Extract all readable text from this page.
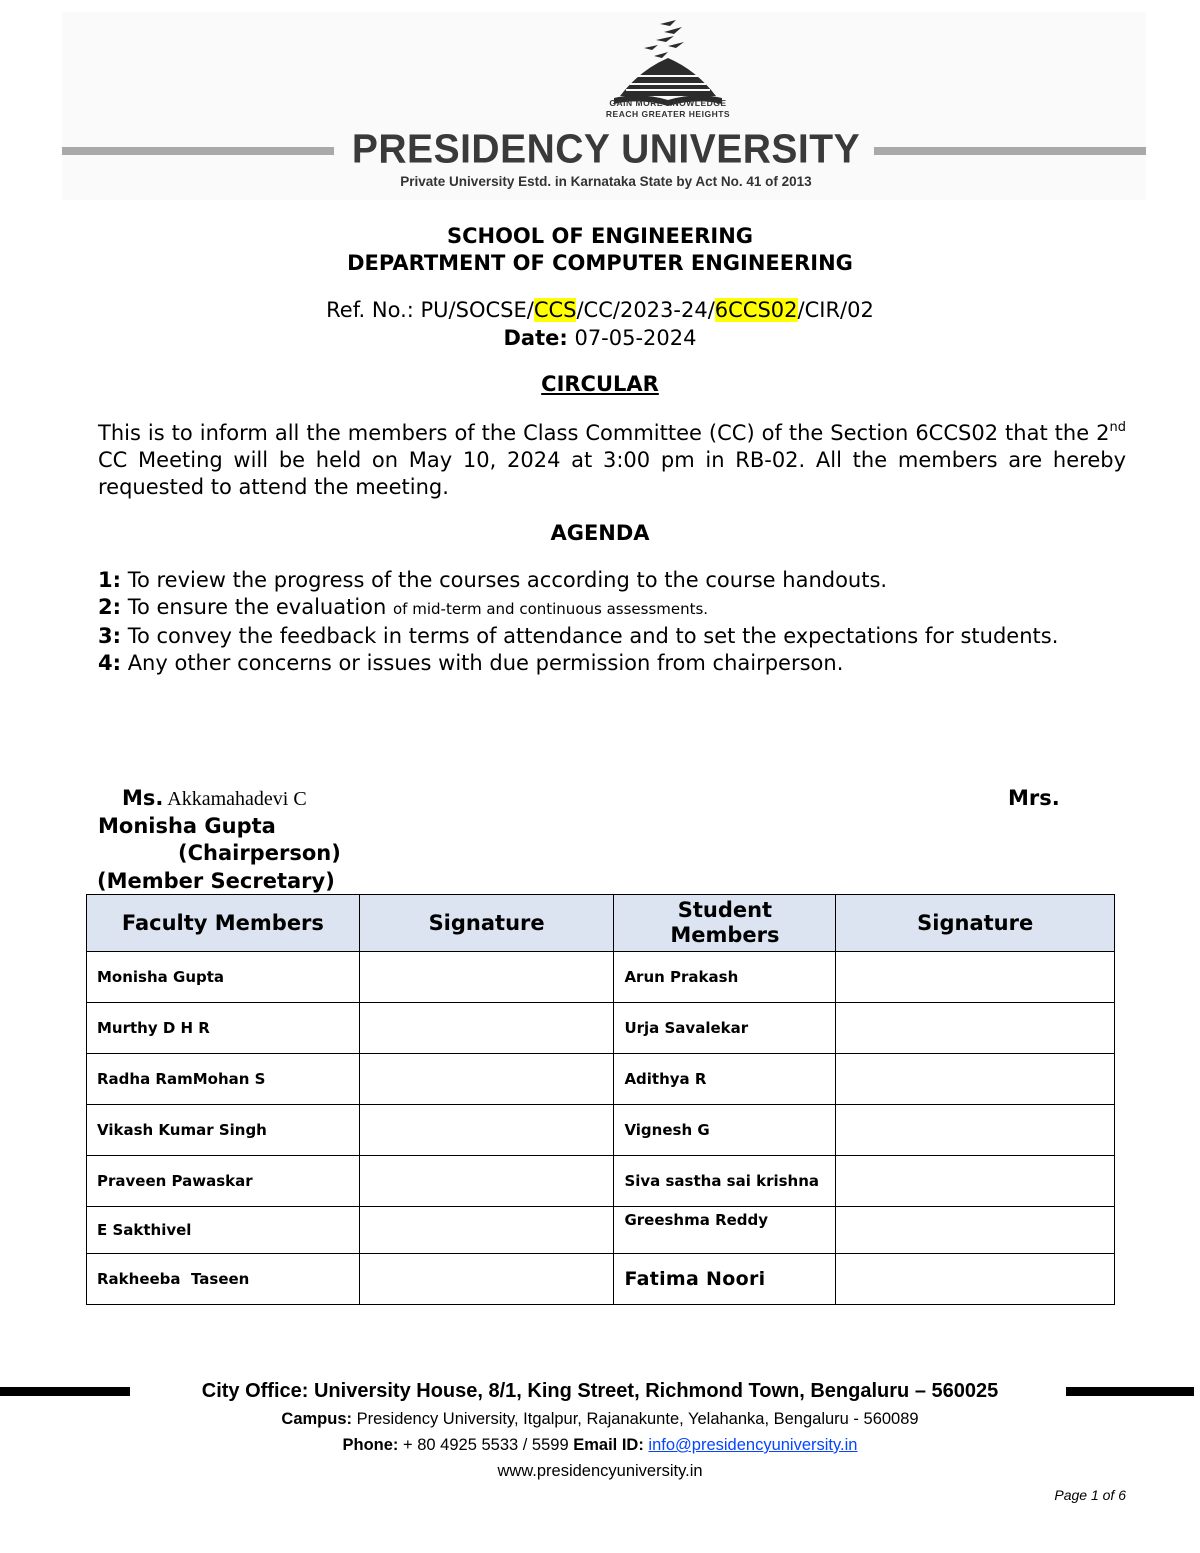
GAIN MORE KNOWLEDGE
REACH GREATER HEIGHTS
PRESIDENCY UNIVERSITY
Private University Estd. in Karnataka State by Act No. 41 of 2013
SCHOOL OF ENGINEERING
DEPARTMENT OF COMPUTER ENGINEERING
Ref. No.: PU/SOCSE/CCS/CC/2023-24/6CCS02/CIR/02
Date: 07-05-2024
CIRCULAR
This is to inform all the members of the Class Committee (CC) of the Section 6CCS02 that the 2nd CC Meeting will be held on May 10, 2024 at 3:00 pm in RB-02. All the members are hereby requested to attend the meeting.
AGENDA
1: To review the progress of the courses according to the course handouts.
2: To ensure the evaluation of mid-term and continuous assessments.
3: To convey the feedback in terms of attendance and to set the expectations for students.
4: Any other concerns or issues with due permission from chairperson.
Ms. Akkamahadevi C	Mrs.
Monisha Gupta
(Chairperson)
(Member Secretary)
Faculty Members	Signature	Student Members	Signature
Monisha Gupta		Arun Prakash	
Murthy D H R		Urja Savalekar	
Radha RamMohan S		Adithya R	
Vikash Kumar Singh		Vignesh G	
Praveen Pawaskar		Siva sastha sai krishna	
E Sakthivel		Greeshma Reddy	
Rakheeba  Taseen		Fatima Noori	
City Office: University House, 8/1, King Street, Richmond Town, Bengaluru – 560025
Campus: Presidency University, Itgalpur, Rajanakunte, Yelahanka, Bengaluru - 560089
Phone: + 80 4925 5533 / 5599 Email ID: info@presidencyuniversity.in
www.presidencyuniversity.in
Page 1 of 6
